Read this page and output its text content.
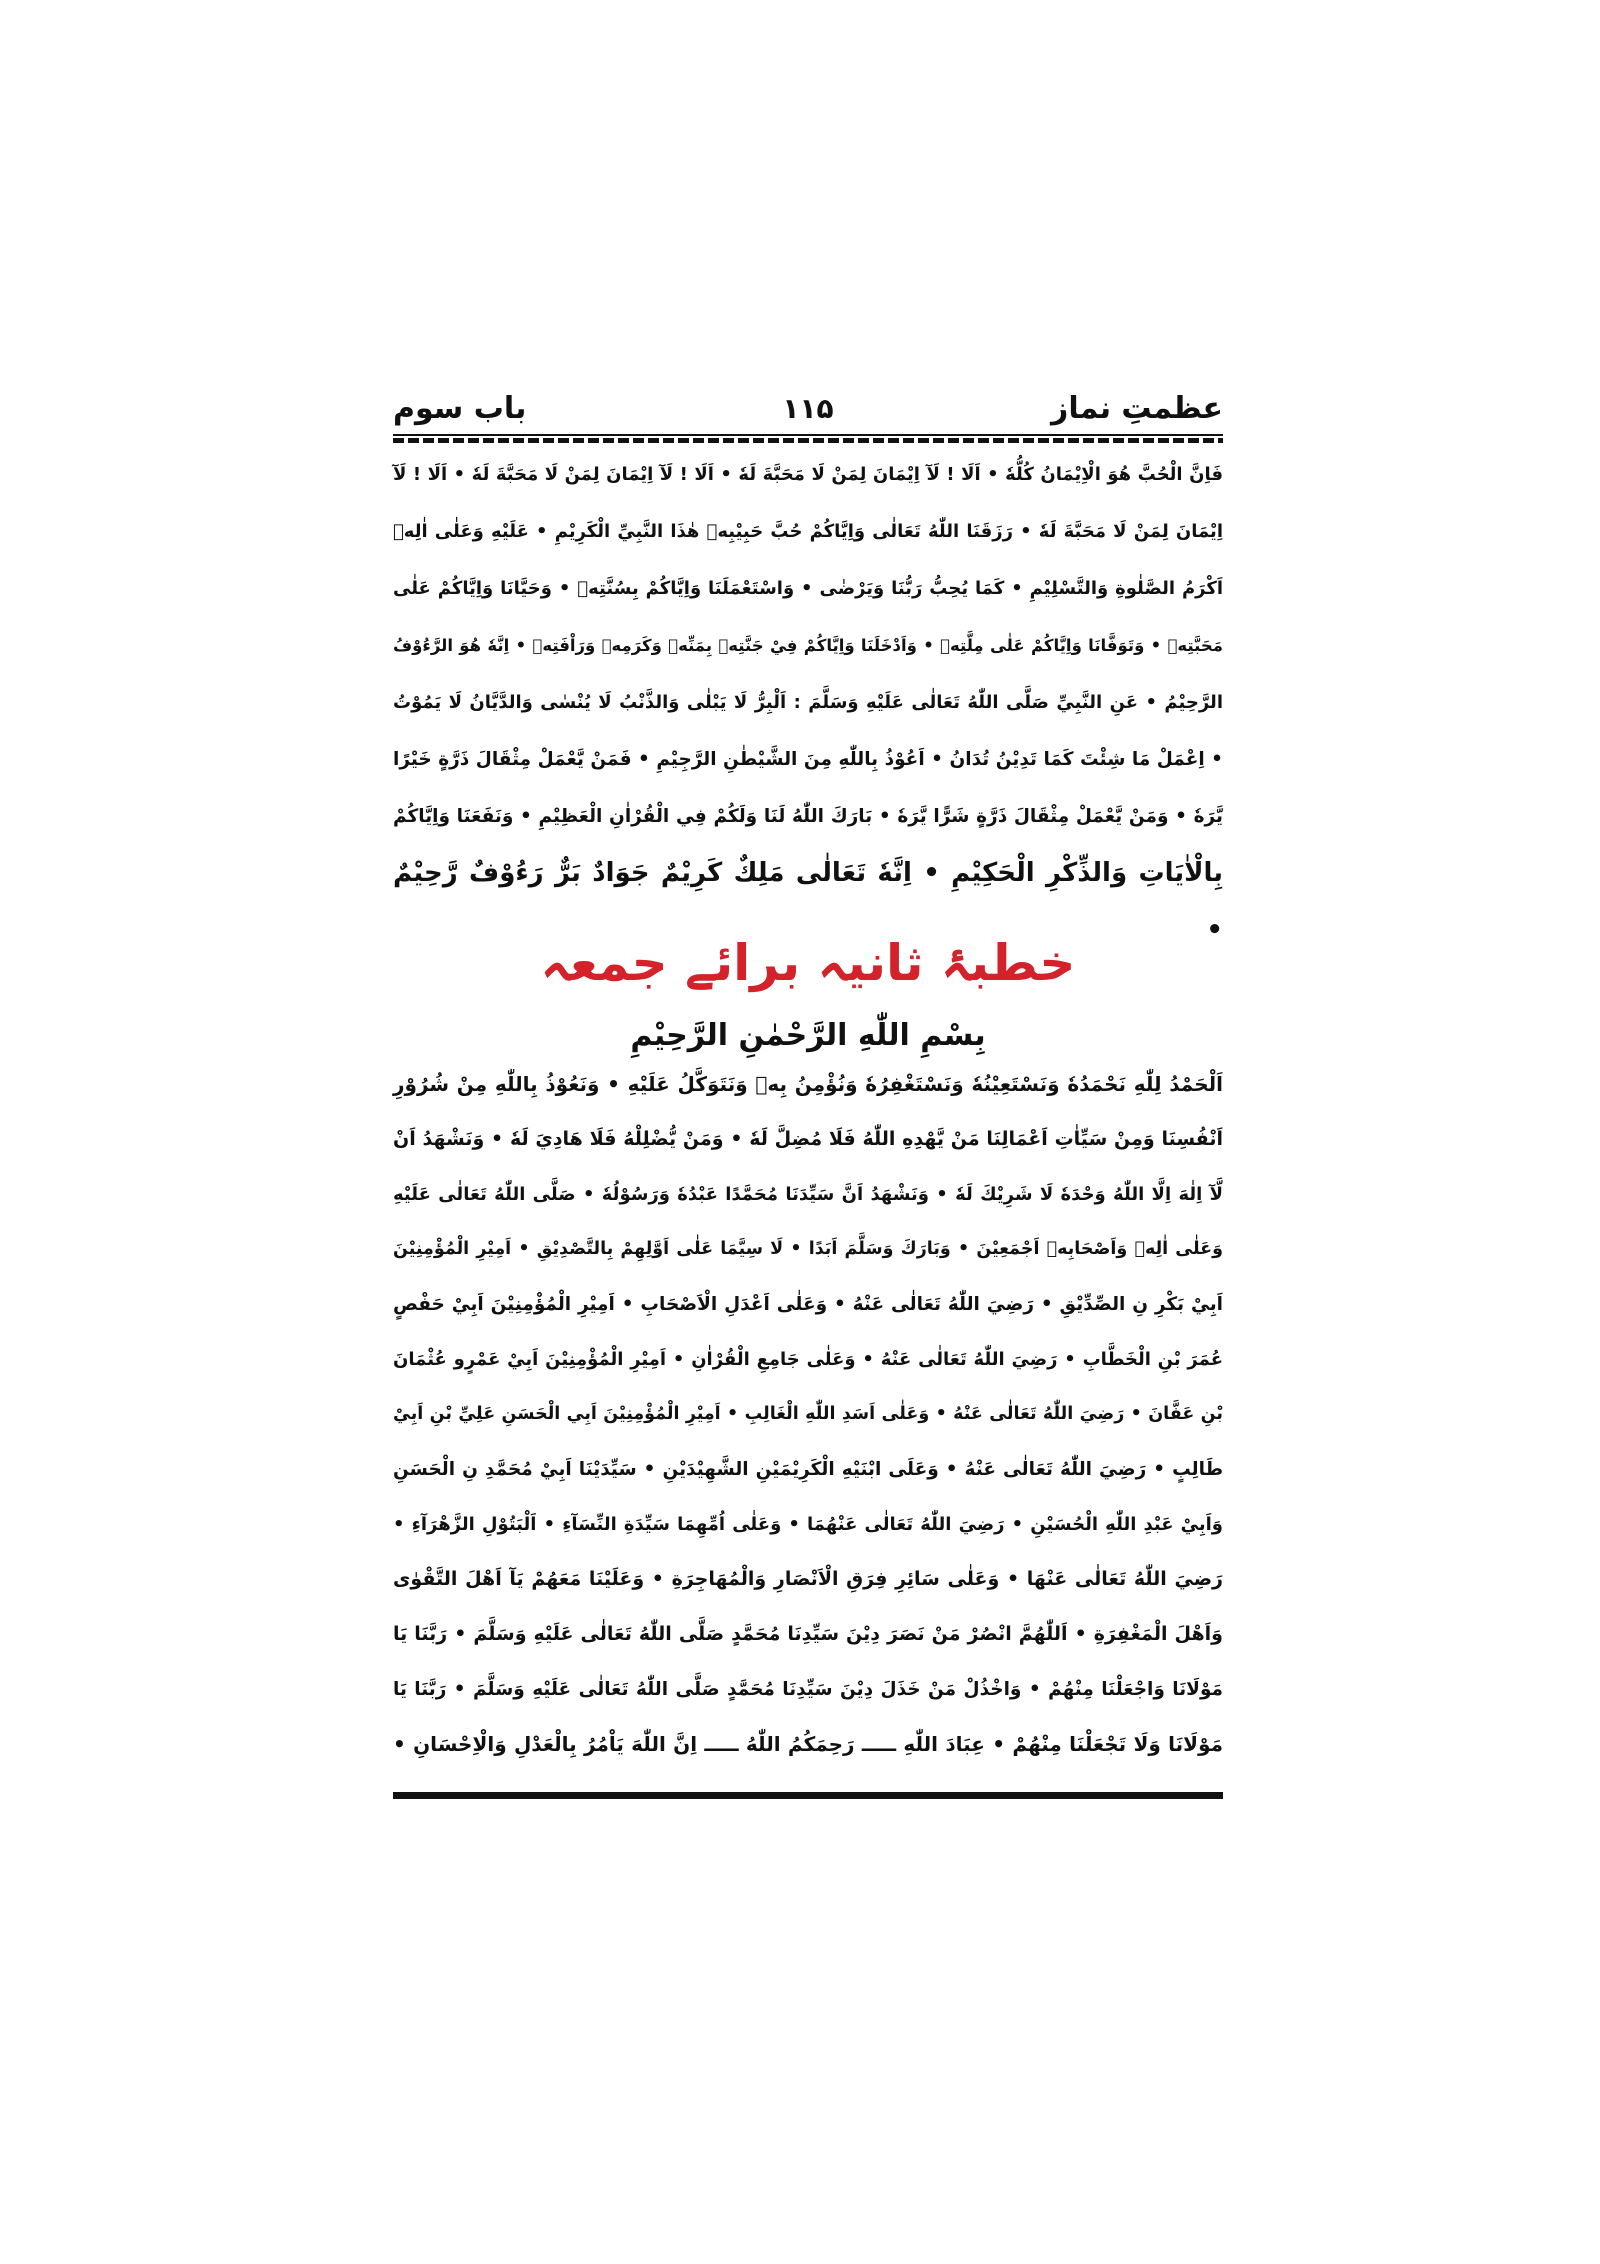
۱۱۵	عظمتِ نماز
باب سوم
فَاِنَّ الْحُبَّ هُوَ الْاِيْمَانُ كُلُّهٗ • اَلَا ! لَآ اِيْمَانَ لِمَنْ لَا مَحَبَّةَ لَهٗ • اَلَا ! لَآ اِيْمَانَ لِمَنْ لَا مَحَبَّةَ لَهٗ • اَلَا ! لَآ
اِيْمَانَ لِمَنْ لَا مَحَبَّةَ لَهٗ • رَزَقَنَا اللّٰهُ تَعَالٰى وَاِيَّاكُمْ حُبَّ حَبِيْبِهٖ هٰذَا النَّبِيِّ الْكَرِيْمِ • عَلَيْهِ وَعَلٰى اٰلِهٖ
اَكْرَمُ الصَّلٰوةِ وَالتَّسْلِيْمِ • كَمَا يُحِبُّ رَبُّنَا وَيَرْضٰى • وَاسْتَعْمَلَنَا وَاِيَّاكُمْ بِسُنَّتِهٖ • وَحَيَّانَا وَاِيَّاكُمْ عَلٰى
مَحَبَّتِهٖ • وَتَوَفَّانَا وَاِيَّاكُمْ عَلٰى مِلَّتِهٖ • وَاَدْخَلَنَا وَاِيَّاكُمْ فِيْ جَنَّتِهٖ بِمَنِّهٖ وَكَرَمِهٖ وَرَاْفَتِهٖ • اِنَّهٗ هُوَ الرَّءُوْفُ
الرَّحِيْمُ • عَنِ النَّبِيِّ صَلَّى اللّٰهُ تَعَالٰى عَلَيْهِ وَسَلَّمَ : اَلْبِرُّ لَا يَبْلٰى وَالذَّنْبُ لَا يُنْسٰى وَالدَّيَّانُ لَا يَمُوْتُ
• اِعْمَلْ مَا شِئْتَ كَمَا تَدِيْنُ تُدَانُ • اَعُوْذُ بِاللّٰهِ مِنَ الشَّيْطٰنِ الرَّجِيْمِ • فَمَنْ يَّعْمَلْ مِثْقَالَ ذَرَّةٍ خَيْرًا
يَّرَهٗ • وَمَنْ يَّعْمَلْ مِثْقَالَ ذَرَّةٍ شَرًّا يَّرَهٗ • بَارَكَ اللّٰهُ لَنَا وَلَكُمْ فِي الْقُرْاٰنِ الْعَظِيْمِ • وَنَفَعَنَا وَاِيَّاكُمْ
بِالْاٰيَاتِ وَالذِّكْرِ الْحَكِيْمِ • اِنَّهٗ تَعَالٰى مَلِكٌ كَرِيْمٌ جَوَادٌ بَرٌّ رَءُوْفٌ رَّحِيْمٌ •
خطبۂ ثانیہ برائے جمعہ
بِسْمِ اللّٰهِ الرَّحْمٰنِ الرَّحِيْمِ
اَلْحَمْدُ لِلّٰهِ نَحْمَدُهٗ وَنَسْتَعِيْنُهٗ وَنَسْتَغْفِرُهٗ وَنُؤْمِنُ بِهٖ وَنَتَوَكَّلُ عَلَيْهِ • وَنَعُوْذُ بِاللّٰهِ مِنْ شُرُوْرِ
اَنْفُسِنَا وَمِنْ سَيِّاٰتِ اَعْمَالِنَا مَنْ يَّهْدِهِ اللّٰهُ فَلَا مُضِلَّ لَهٗ • وَمَنْ يُّضْلِلْهُ فَلَا هَادِيَ لَهٗ • وَنَشْهَدُ اَنْ
لَّآ اِلٰهَ اِلَّا اللّٰهُ وَحْدَهٗ لَا شَرِيْكَ لَهٗ • وَنَشْهَدُ اَنَّ سَيِّدَنَا مُحَمَّدًا عَبْدُهٗ وَرَسُوْلُهٗ • صَلَّى اللّٰهُ تَعَالٰى عَلَيْهِ
وَعَلٰى اٰلِهٖ وَاَصْحَابِهٖ اَجْمَعِيْنَ • وَبَارَكَ وَسَلَّمَ اَبَدًا • لَا سِيَّمَا عَلٰى اَوَّلِهِمْ بِالتَّصْدِيْقِ • اَمِيْرِ الْمُؤْمِنِيْنَ
اَبِيْ بَكْرِ نِ الصِّدِّيْقِ • رَضِيَ اللّٰهُ تَعَالٰى عَنْهُ • وَعَلٰى اَعْدَلِ الْاَصْحَابِ • اَمِيْرِ الْمُؤْمِنِيْنَ اَبِيْ حَفْصٍ
عُمَرَ بْنِ الْخَطَّابِ • رَضِيَ اللّٰهُ تَعَالٰى عَنْهُ • وَعَلٰى جَامِعِ الْقُرْاٰنِ • اَمِيْرِ الْمُؤْمِنِيْنَ اَبِيْ عَمْرٍو عُثْمَانَ
بْنِ عَفَّانَ • رَضِيَ اللّٰهُ تَعَالٰى عَنْهُ • وَعَلٰى اَسَدِ اللّٰهِ الْغَالِبِ • اَمِيْرِ الْمُؤْمِنِيْنَ اَبِي الْحَسَنِ عَلِيِّ بْنِ اَبِيْ
طَالِبٍ • رَضِيَ اللّٰهُ تَعَالٰى عَنْهُ • وَعَلَى ابْنَيْهِ الْكَرِيْمَيْنِ الشَّهِيْدَيْنِ • سَيِّدَيْنَا اَبِيْ مُحَمَّدِ نِ الْحَسَنِ
وَاَبِيْ عَبْدِ اللّٰهِ الْحُسَيْنِ • رَضِيَ اللّٰهُ تَعَالٰى عَنْهُمَا • وَعَلٰى اُمِّهِمَا سَيِّدَةِ النِّسَآءِ • اَلْبَتُوْلِ الزَّهْرَآءِ •
رَضِيَ اللّٰهُ تَعَالٰى عَنْهَا • وَعَلٰى سَائِرِ فِرَقِ الْاَنْصَارِ وَالْمُهَاجِرَةِ • وَعَلَيْنَا مَعَهُمْ يَآ اَهْلَ التَّقْوٰى
وَاَهْلَ الْمَغْفِرَةِ • اَللّٰهُمَّ انْصُرْ مَنْ نَصَرَ دِيْنَ سَيِّدِنَا مُحَمَّدٍ صَلَّى اللّٰهُ تَعَالٰى عَلَيْهِ وَسَلَّمَ • رَبَّنَا يَا
مَوْلَانَا وَاجْعَلْنَا مِنْهُمْ • وَاخْذُلْ مَنْ خَذَلَ دِيْنَ سَيِّدِنَا مُحَمَّدٍ صَلَّى اللّٰهُ تَعَالٰى عَلَيْهِ وَسَلَّمَ • رَبَّنَا يَا
مَوْلَانَا وَلَا تَجْعَلْنَا مِنْهُمْ • عِبَادَ اللّٰهِ ـــــ رَحِمَكُمُ اللّٰهُ ـــــ اِنَّ اللّٰهَ يَاْمُرُ بِالْعَدْلِ وَالْاِحْسَانِ •
